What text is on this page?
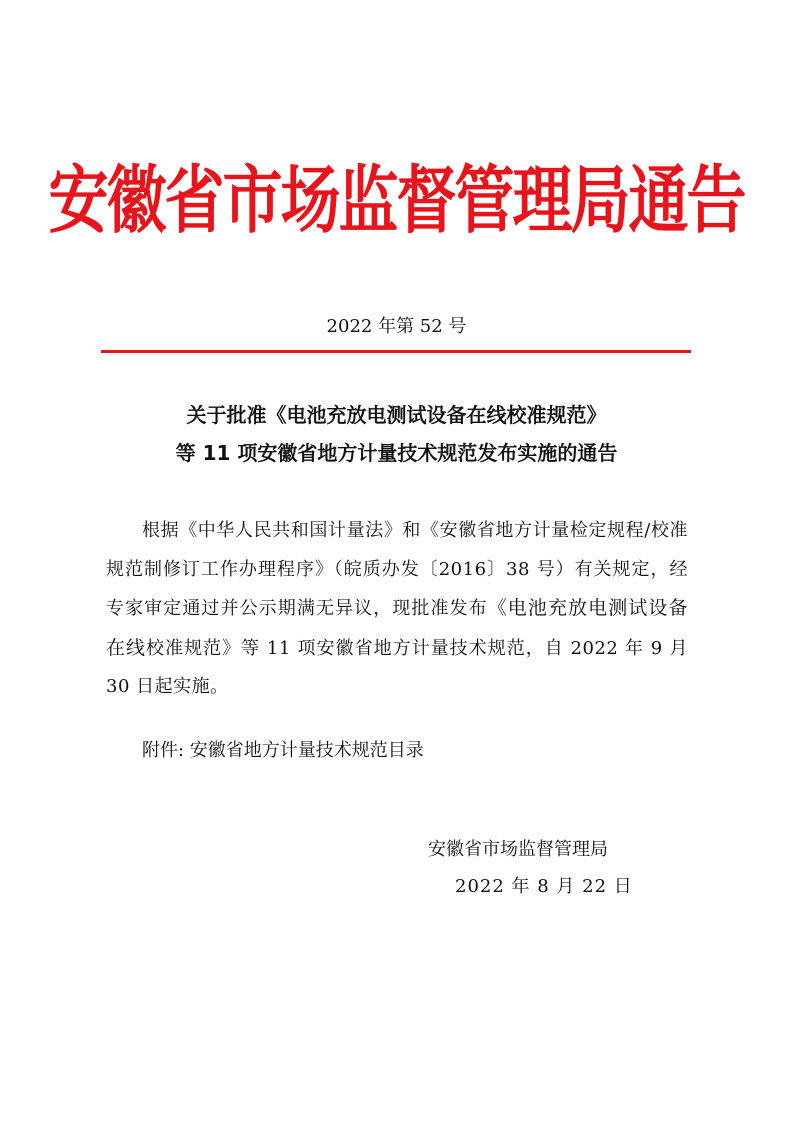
安徽省市场监督管理局通告
2022 年第 52 号
关于批准《电池充放电测试设备在线校准规范》
等 11 项安徽省地方计量技术规范发布实施的通告
根据《中华人民共和国计量法》和《安徽省地方计量检定规程/校准规范制修订工作办理程序》（皖质办发〔2016〕38 号）有关规定，经专家审定通过并公示期满无异议，现批准发布《电池充放电测试设备在线校准规范》等 11 项安徽省地方计量技术规范，自 2022 年 9 月 30 日起实施。
附件: 安徽省地方计量技术规范目录
安徽省市场监督管理局
2022 年 8 月 22 日
